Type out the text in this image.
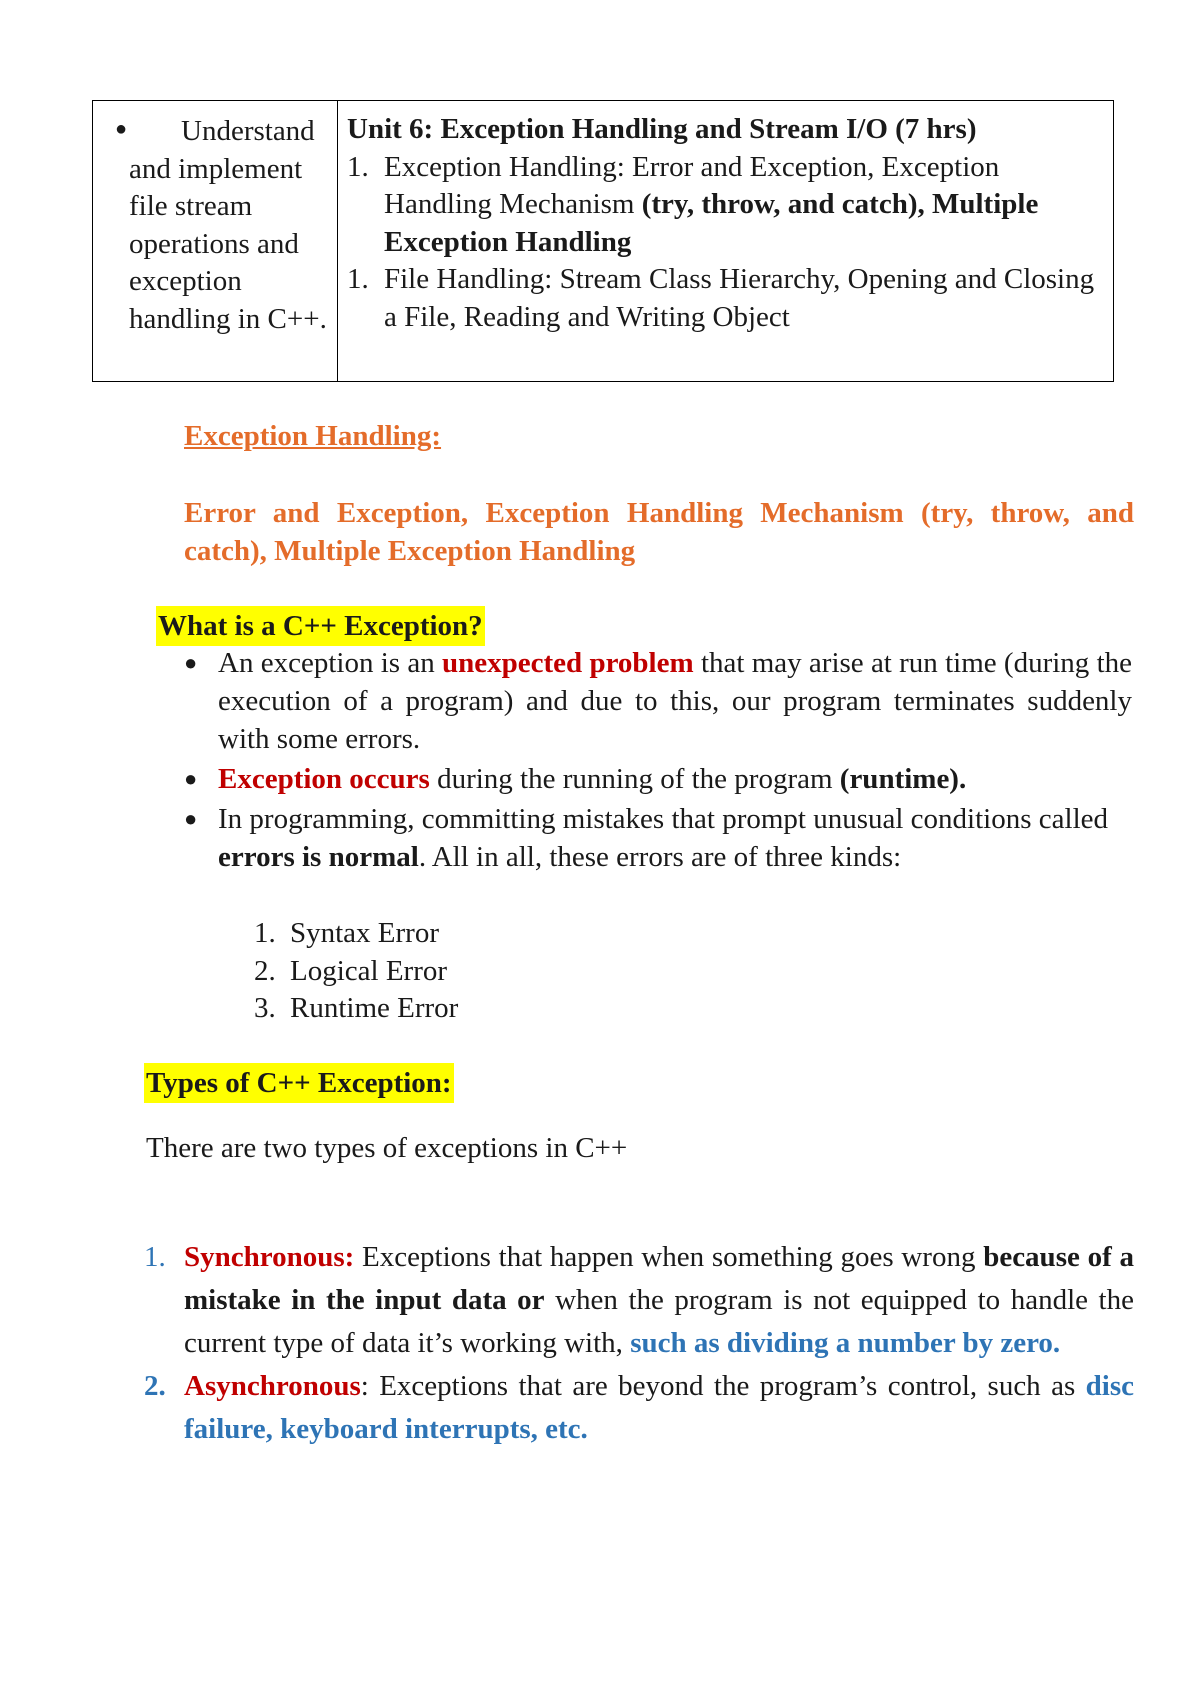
● Understand and implement file stream operations and exception handling in C++.
Unit 6: Exception Handling and Stream I/O (7 hrs)
1. Exception Handling: Error and Exception, Exception Handling Mechanism (try, throw, and catch), Multiple Exception Handling
1. File Handling: Stream Class Hierarchy, Opening and Closing a File, Reading and Writing Object
Exception Handling:
Error and Exception, Exception Handling Mechanism (try, throw, and catch), Multiple Exception Handling
What is a C++ Exception?
● An exception is an unexpected problem that may arise at run time (during the execution of a program) and due to this, our program terminates suddenly with some errors.
● Exception occurs during the running of the program (runtime).
● In programming, committing mistakes that prompt unusual conditions called errors is normal. All in all, these errors are of three kinds:
1. Syntax Error
2. Logical Error
3. Runtime Error
Types of C++ Exception:
There are two types of exceptions in C++
1. Synchronous: Exceptions that happen when something goes wrong because of a mistake in the input data or when the program is not equipped to handle the current type of data it’s working with, such as dividing a number by zero.
2. Asynchronous: Exceptions that are beyond the program’s control, such as disc failure, keyboard interrupts, etc.
